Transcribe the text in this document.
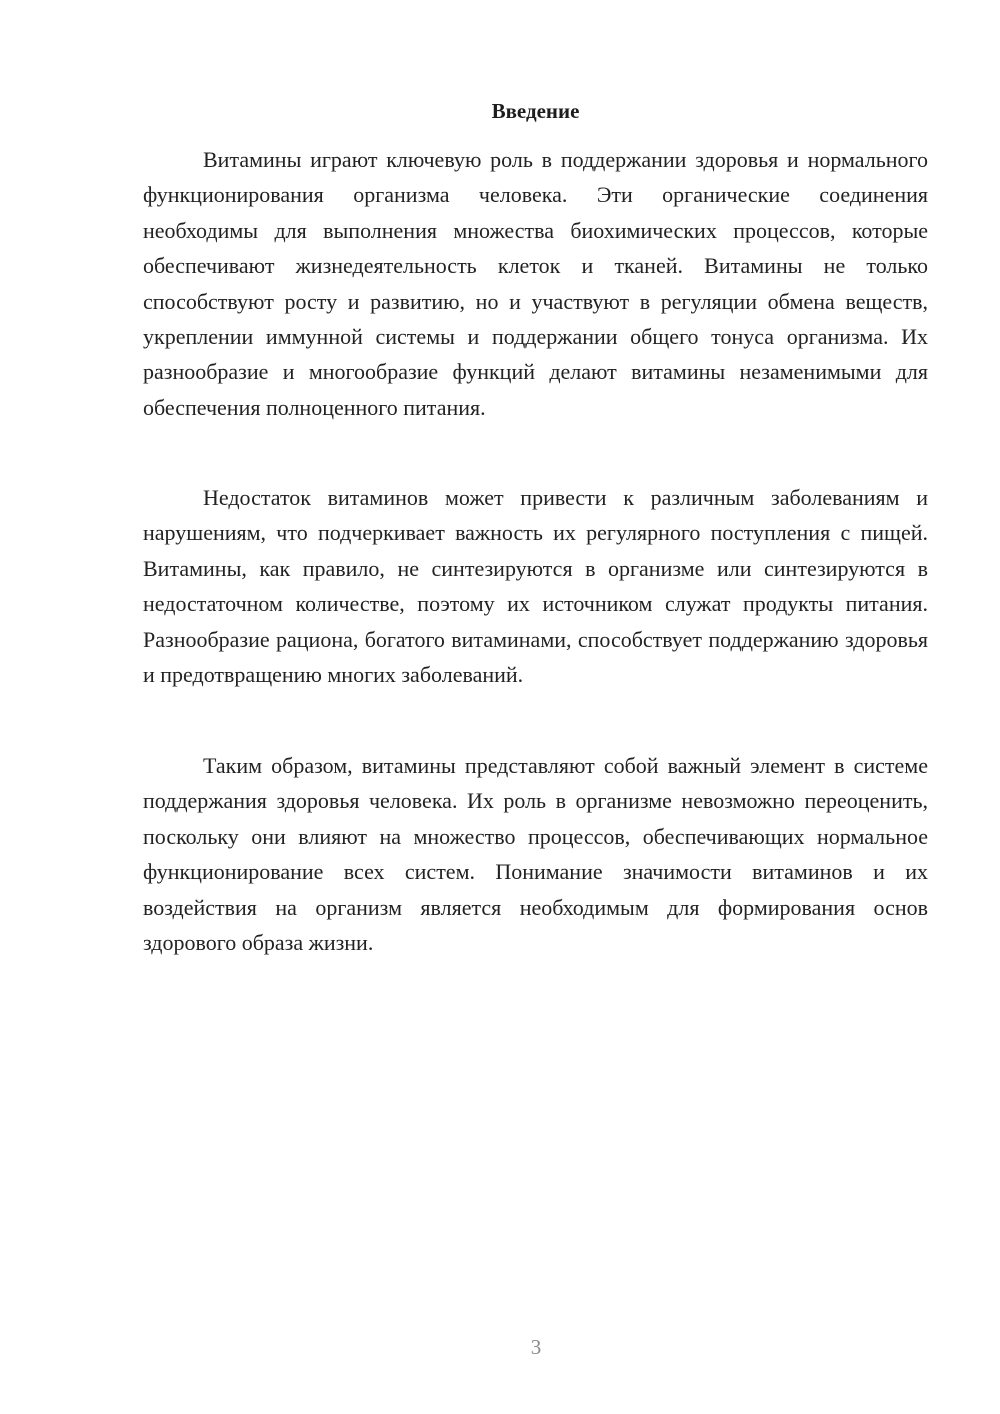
Введение

Витамины играют ключевую роль в поддержании здоровья и нормального функционирования организма человека. Эти органические соединения необходимы для выполнения множества биохимических процессов, которые обеспечивают жизнедеятельность клеток и тканей. Витамины не только способствуют росту и развитию, но и участвуют в регуляции обмена веществ, укреплении иммунной системы и поддержании общего тонуса организма. Их разнообразие и многообразие функций делают витамины незаменимыми для обеспечения полноценного питания.

Недостаток витаминов может привести к различным заболеваниям и нарушениям, что подчеркивает важность их регулярного поступления с пищей. Витамины, как правило, не синтезируются в организме или синтезируются в недостаточном количестве, поэтому их источником служат продукты питания. Разнообразие рациона, богатого витаминами, способствует поддержанию здоровья и предотвращению многих заболеваний.

Таким образом, витамины представляют собой важный элемент в системе поддержания здоровья человека. Их роль в организме невозможно переоценить, поскольку они влияют на множество процессов, обеспечивающих нормальное функционирование всех систем. Понимание значимости витаминов и их воздействия на организм является необходимым для формирования основ здорового образа жизни.

3
